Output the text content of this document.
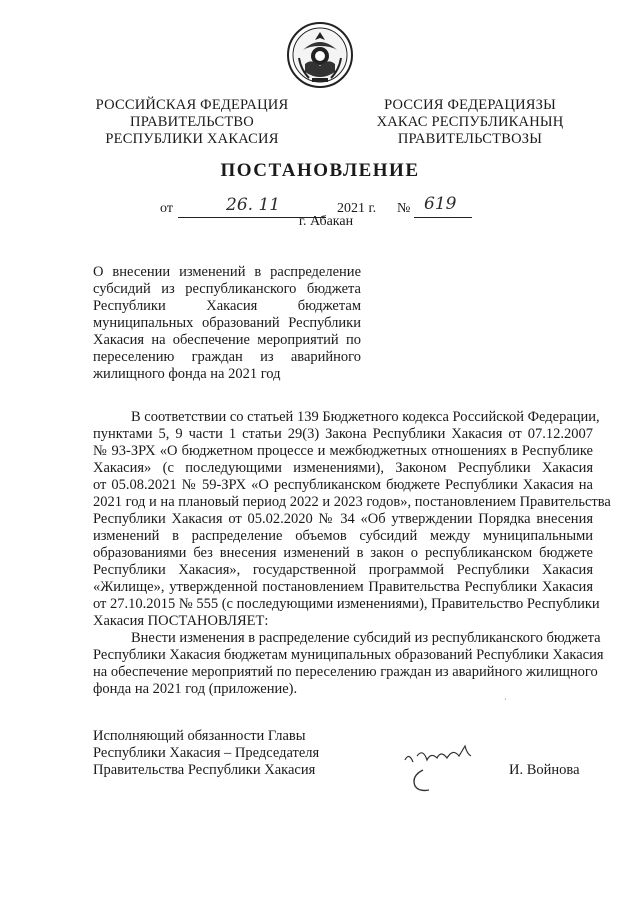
РОССИЙСКАЯ ФЕДЕРАЦИЯ
ПРАВИТЕЛЬСТВО
РЕСПУБЛИКИ ХАКАСИЯ
РОССИЯ ФЕДЕРАЦИЯЗЫ
ХАКАС РЕСПУБЛИКАНЫҢ
ПРАВИТЕЛЬСТВОЗЫ
ПОСТАНОВЛЕНИЕ
от	26. 11	2021 г. № 619
г. Абакан
О внесении изменений в распределение
субсидий из республиканского бюджета
Республики Хакасия бюджетам
муниципальных образований Республики
Хакасия на обеспечение мероприятий по
переселению граждан из аварийного
жилищного фонда на 2021 год

В соответствии со статьей 139 Бюджетного кодекса Российской Федерации,
пунктами 5, 9 части 1 статьи 29(3) Закона Республики Хакасия от 07.12.2007
№ 93-ЗРХ «О бюджетном процессе и межбюджетных отношениях в Республике
Хакасия» (с последующими изменениями), Законом Республики Хакасия
от 05.08.2021 № 59-ЗРХ «О республиканском бюджете Республики Хакасия на
2021 год и на плановый период 2022 и 2023 годов», постановлением Правительства
Республики Хакасия от 05.02.2020 № 34 «Об утверждении Порядка внесения
изменений в распределение объемов субсидий между муниципальными
образованиями без внесения изменений в закон о республиканском бюджете
Республики Хакасия», государственной программой Республики Хакасия
«Жилище», утвержденной постановлением Правительства Республики Хакасия
от 27.10.2015 № 555 (с последующими изменениями), Правительство Республики
Хакасия ПОСТАНОВЛЯЕТ:

Внести изменения в распределение субсидий из республиканского бюджета
Республики Хакасия бюджетам муниципальных образований Республики Хакасия
на обеспечение мероприятий по переселению граждан из аварийного жилищного
фонда на 2021 год (приложение).

·
Исполняющий обязанности Главы
Республики Хакасия – Председателя
Правительства Республики Хакасия	И. Войнова
